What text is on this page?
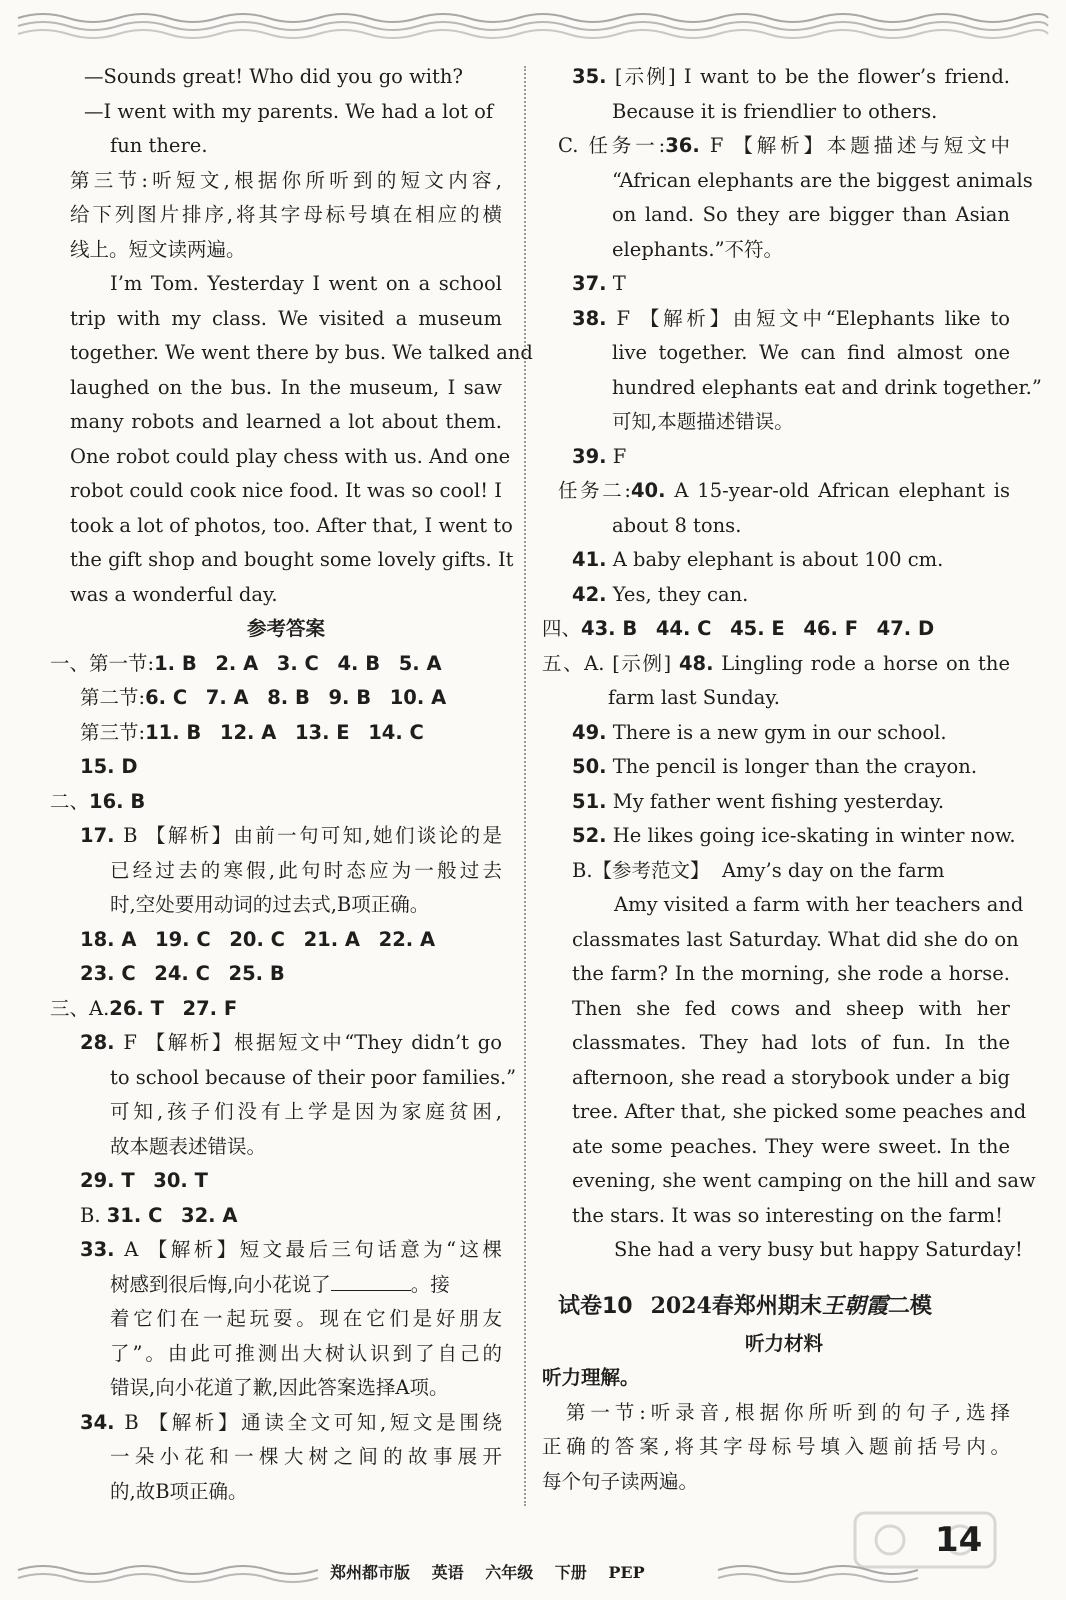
—Sounds great! Who did you go with?
—I went with my parents. We had a lot of
fun there.
第三节:听短文,根据你所听到的短文内容,
给下列图片排序,将其字母标号填在相应的横
线上。短文读两遍。
I’m Tom. Yesterday I went on a school
trip with my class. We visited a museum
together. We went there by bus. We talked and
laughed on the bus. In the museum, I saw
many robots and learned a lot about them.
One robot could play chess with us. And one
robot could cook nice food. It was so cool! I
took a lot of photos, too. After that, I went to
the gift shop and bought some lovely gifts. It
was a wonderful day.
参考答案
一、第一节:1. B 2. A 3. C 4. B 5. A
第二节:6. C 7. A 8. B 9. B 10. A
第三节:11. B 12. A 13. E 14. C
15. D
二、16. B
17. B 【解析】由前一句可知,她们谈论的是
已经过去的寒假,此句时态应为一般过去
时,空处要用动词的过去式,B项正确。
18. A 19. C 20. C 21. A 22. A
23. C 24. C 25. B
三、A.26. T 27. F
28. F 【解析】根据短文中“They didn’t go
to school because of their poor families.”
可知,孩子们没有上学是因为家庭贫困,
故本题表述错误。
29. T 30. T
B. 31. C 32. A
33. A 【解析】短文最后三句话意为“这棵
树感到很后悔,向小花说了	。接
着它们在一起玩耍。现在它们是好朋友
了”。由此可推测出大树认识到了自己的
错误,向小花道了歉,因此答案选择A项。
34. B 【解析】通读全文可知,短文是围绕
一朵小花和一棵大树之间的故事展开
的,故B项正确。
35. [示例] I want to be the flower’s friend.
Because it is friendlier to others.
C. 任务一:36. F 【解析】本题描述与短文中
“African elephants are the biggest animals
on land. So they are bigger than Asian
elephants.”不符。
37. T
38. F 【解析】由短文中“Elephants like to
live together. We can find almost one
hundred elephants eat and drink together.”
可知,本题描述错误。
39. F
任务二:40. A 15-year-old African elephant is
about 8 tons.
41. A baby elephant is about 100 cm.
42. Yes, they can.
四、43. B 44. C 45. E 46. F 47. D
五、A. [示例] 48. Lingling rode a horse on the
farm last Sunday.
49. There is a new gym in our school.
50. The pencil is longer than the crayon.
51. My father went fishing yesterday.
52. He likes going ice-skating in winter now.
B.【参考范文】 Amy’s day on the farm
Amy visited a farm with her teachers and
classmates last Saturday. What did she do on
the farm? In the morning, she rode a horse.
Then she fed cows and sheep with her
classmates. They had lots of fun. In the
afternoon, she read a storybook under a big
tree. After that, she picked some peaches and
ate some peaches. They were sweet. In the
evening, she went camping on the hill and saw
the stars. It was so interesting on the farm!
She had a very busy but happy Saturday!
试卷10 2024春郑州期末王朝霞二模
听力材料
听力理解。
第一节:听录音,根据你所听到的句子,选择
正确的答案,将其字母标号填入题前括号内。
每个句子读两遍。
郑州都市版 英语 六年级 下册 PEP
14
